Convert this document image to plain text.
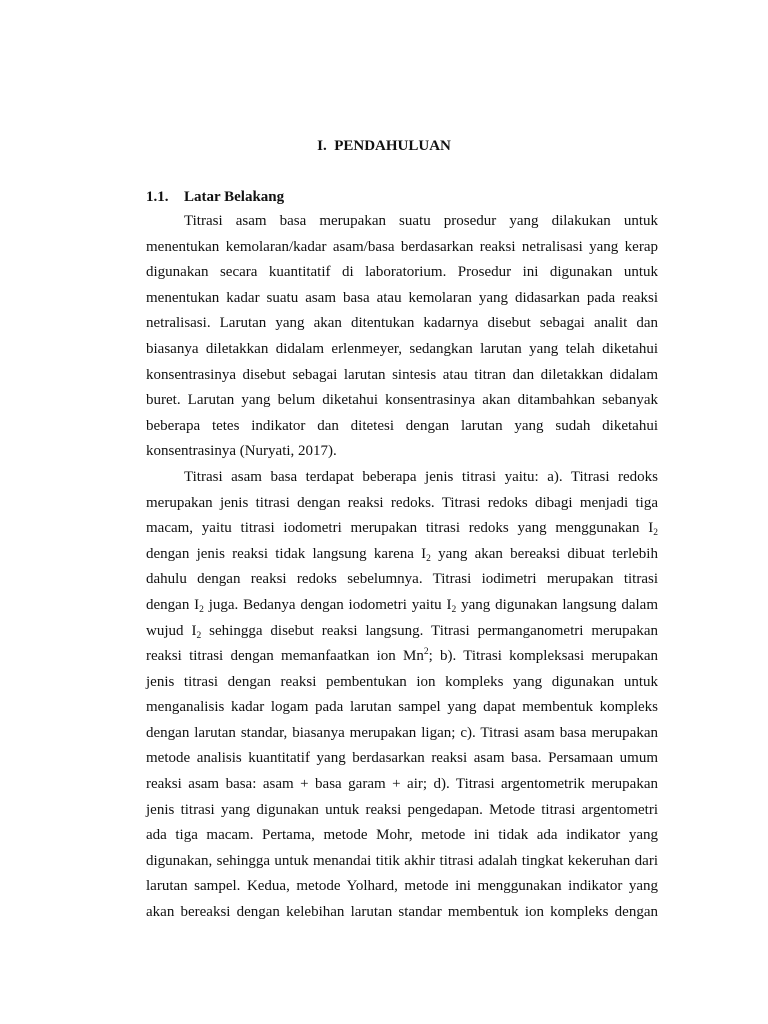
I. PENDAHULUAN
1.1. Latar Belakang
Titrasi asam basa merupakan suatu prosedur yang dilakukan untuk
menentukan kemolaran/kadar asam/basa berdasarkan reaksi netralisasi yang kerap
digunakan secara kuantitatif di laboratorium. Prosedur ini digunakan untuk
menentukan kadar suatu asam basa atau kemolaran yang didasarkan pada reaksi
netralisasi. Larutan yang akan ditentukan kadarnya disebut sebagai analit dan
biasanya diletakkan didalam erlenmeyer, sedangkan larutan yang telah diketahui
konsentrasinya disebut sebagai larutan sintesis atau titran dan diletakkan didalam
buret. Larutan yang belum diketahui konsentrasinya akan ditambahkan sebanyak
beberapa tetes indikator dan ditetesi dengan larutan yang sudah diketahui
konsentrasinya (Nuryati, 2017).
Titrasi asam basa terdapat beberapa jenis titrasi yaitu: a). Titrasi redoks
merupakan jenis titrasi dengan reaksi redoks. Titrasi redoks dibagi menjadi tiga
macam, yaitu titrasi iodometri merupakan titrasi redoks yang menggunakan $I_2$
dengan jenis reaksi tidak langsung karena $I_2$ yang akan bereaksi dibuat terlebih
dahulu dengan reaksi redoks sebelumnya. Titrasi iodimetri merupakan titrasi
dengan $I_2$ juga. Bedanya dengan iodometri yaitu $I_2$ yang digunakan langsung dalam
wujud $I_2$ sehingga disebut reaksi langsung. Titrasi permanganometri merupakan
reaksi titrasi dengan memanfaatkan ion Mn$^2$; b). Titrasi kompleksasi merupakan
jenis titrasi dengan reaksi pembentukan ion kompleks yang digunakan untuk
menganalisis kadar logam pada larutan sampel yang dapat membentuk kompleks
dengan larutan standar, biasanya merupakan ligan; c). Titrasi asam basa merupakan
metode analisis kuantitatif yang berdasarkan reaksi asam basa. Persamaan umum
reaksi asam basa: asam + basa garam + air; d). Titrasi argentometrik merupakan
jenis titrasi yang digunakan untuk reaksi pengedapan. Metode titrasi argentometri
ada tiga macam. Pertama, metode Mohr, metode ini tidak ada indikator yang
digunakan, sehingga untuk menandai titik akhir titrasi adalah tingkat kekeruhan dari
larutan sampel. Kedua, metode Yolhard, metode ini menggunakan indikator yang
akan bereaksi dengan kelebihan larutan standar membentuk ion kompleks dengan
